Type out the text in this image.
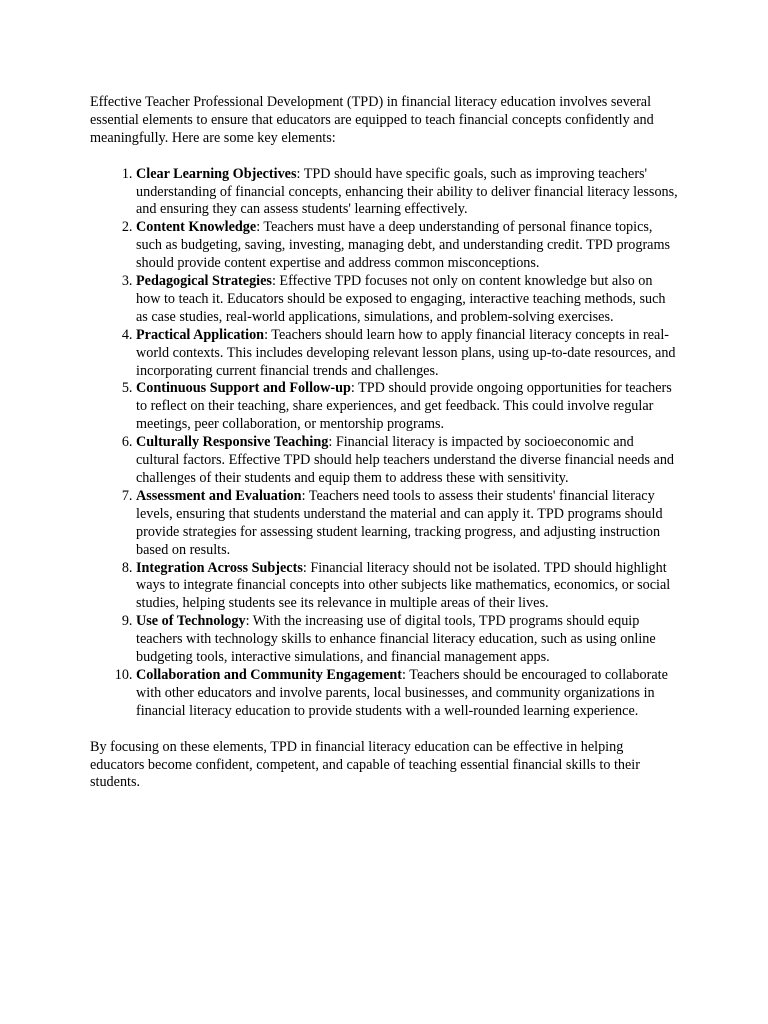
Effective Teacher Professional Development (TPD) in financial literacy education involves several essential elements to ensure that educators are equipped to teach financial concepts confidently and meaningfully. Here are some key elements:

1. Clear Learning Objectives: TPD should have specific goals, such as improving teachers' understanding of financial concepts, enhancing their ability to deliver financial literacy lessons, and ensuring they can assess students' learning effectively.
2. Content Knowledge: Teachers must have a deep understanding of personal finance topics, such as budgeting, saving, investing, managing debt, and understanding credit. TPD programs should provide content expertise and address common misconceptions.
3. Pedagogical Strategies: Effective TPD focuses not only on content knowledge but also on how to teach it. Educators should be exposed to engaging, interactive teaching methods, such as case studies, real-world applications, simulations, and problem-solving exercises.
4. Practical Application: Teachers should learn how to apply financial literacy concepts in real-world contexts. This includes developing relevant lesson plans, using up-to-date resources, and incorporating current financial trends and challenges.
5. Continuous Support and Follow-up: TPD should provide ongoing opportunities for teachers to reflect on their teaching, share experiences, and get feedback. This could involve regular meetings, peer collaboration, or mentorship programs.
6. Culturally Responsive Teaching: Financial literacy is impacted by socioeconomic and cultural factors. Effective TPD should help teachers understand the diverse financial needs and challenges of their students and equip them to address these with sensitivity.
7. Assessment and Evaluation: Teachers need tools to assess their students' financial literacy levels, ensuring that students understand the material and can apply it. TPD programs should provide strategies for assessing student learning, tracking progress, and adjusting instruction based on results.
8. Integration Across Subjects: Financial literacy should not be isolated. TPD should highlight ways to integrate financial concepts into other subjects like mathematics, economics, or social studies, helping students see its relevance in multiple areas of their lives.
9. Use of Technology: With the increasing use of digital tools, TPD programs should equip teachers with technology skills to enhance financial literacy education, such as using online budgeting tools, interactive simulations, and financial management apps.
10. Collaboration and Community Engagement: Teachers should be encouraged to collaborate with other educators and involve parents, local businesses, and community organizations in financial literacy education to provide students with a well-rounded learning experience.

By focusing on these elements, TPD in financial literacy education can be effective in helping educators become confident, competent, and capable of teaching essential financial skills to their students.
